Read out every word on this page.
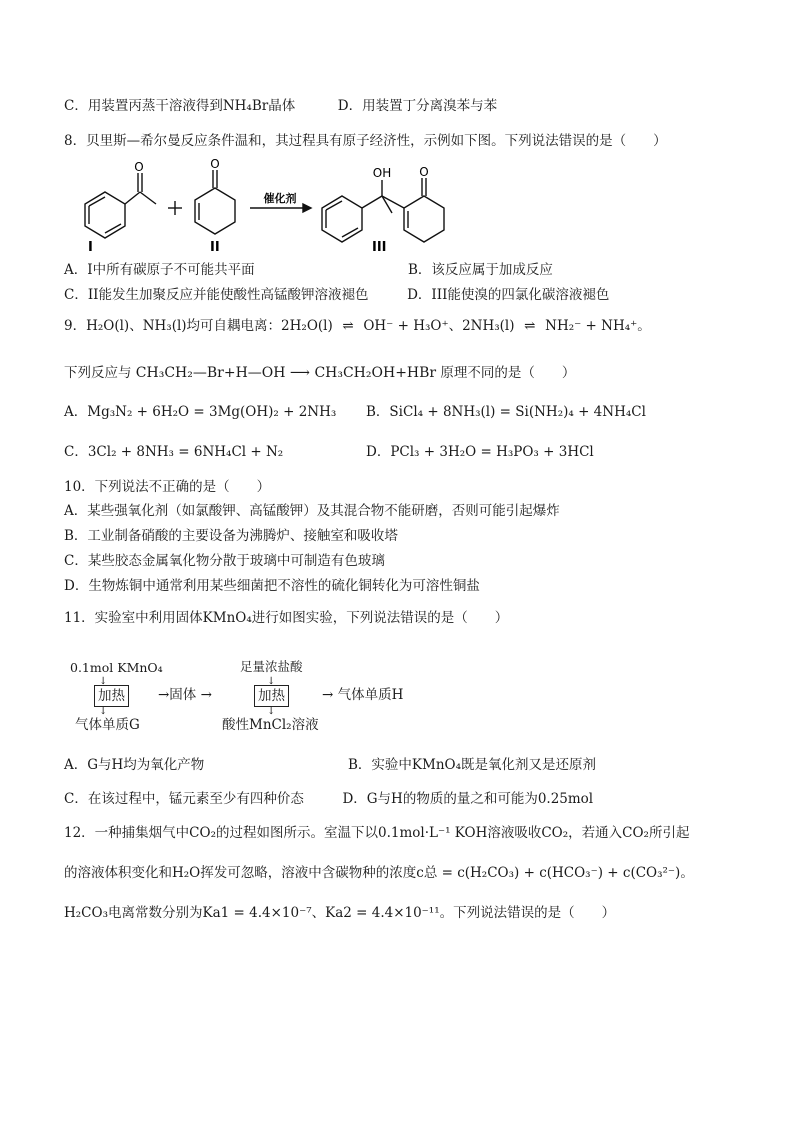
C．用装置丙蒸干溶液得到NH₄Br晶体	D．用装置丁分离溴苯与苯
8．贝里斯—希尔曼反应条件温和，其过程具有原子经济性，示例如下图。下列说法错误的是（　　）
O	O
OH O
催化剂
I	II	III
A．I中所有碳原子不可能共平面	B．该反应属于加成反应
C．II能发生加聚反应并能使酸性高锰酸钾溶液褪色	D．III能使溴的四氯化碳溶液褪色
9．H₂O(l)、NH₃(l)均可自耦电离：2H₂O(l) ⇌ OH⁻ + H₃O⁺、2NH₃(l) ⇌ NH₂⁻ + NH₄⁺。
下列反应与 CH₃CH₂—Br+H—OH ⟶ CH₃CH₂OH+HBr 原理不同的是（　　）
A．Mg₃N₂ + 6H₂O = 3Mg(OH)₂ + 2NH₃ B．SiCl₄ + 8NH₃(l) = Si(NH₂)₄ + 4NH₄Cl
C．3Cl₂ + 8NH₃ = 6NH₄Cl + N₂	D．PCl₃ + 3H₂O = H₃PO₃ + 3HCl
10．下列说法不正确的是（　　）
A．某些强氧化剂（如氯酸钾、高锰酸钾）及其混合物不能研磨，否则可能引起爆炸
B．工业制备硝酸的主要设备为沸腾炉、接触室和吸收塔
C．某些胶态金属氧化物分散于玻璃中可制造有色玻璃
D．生物炼铜中通常利用某些细菌把不溶性的硫化铜转化为可溶性铜盐
11．实验室中利用固体KMnO₄进行如图实验，下列说法错误的是（　　）
0.1mol KMnO₄	足量浓盐酸
↓	↓
加热 →固体 →	加热	→ 气体单质H
↓	↓
气体单质G	酸性MnCl₂溶液
A．G与H均为氧化产物	B．实验中KMnO₄既是氧化剂又是还原剂
C．在该过程中，锰元素至少有四种价态	D．G与H的物质的量之和可能为0.25mol
12．一种捕集烟气中CO₂的过程如图所示。室温下以0.1mol·L⁻¹ KOH溶液吸收CO₂，若通入CO₂所引起
的溶液体积变化和H₂O挥发可忽略，溶液中含碳物种的浓度c总 = c(H₂CO₃) + c(HCO₃⁻) + c(CO₃²⁻)。
H₂CO₃电离常数分别为Ka1 = 4.4×10⁻⁷、Ka2 = 4.4×10⁻¹¹。下列说法错误的是（　　）
